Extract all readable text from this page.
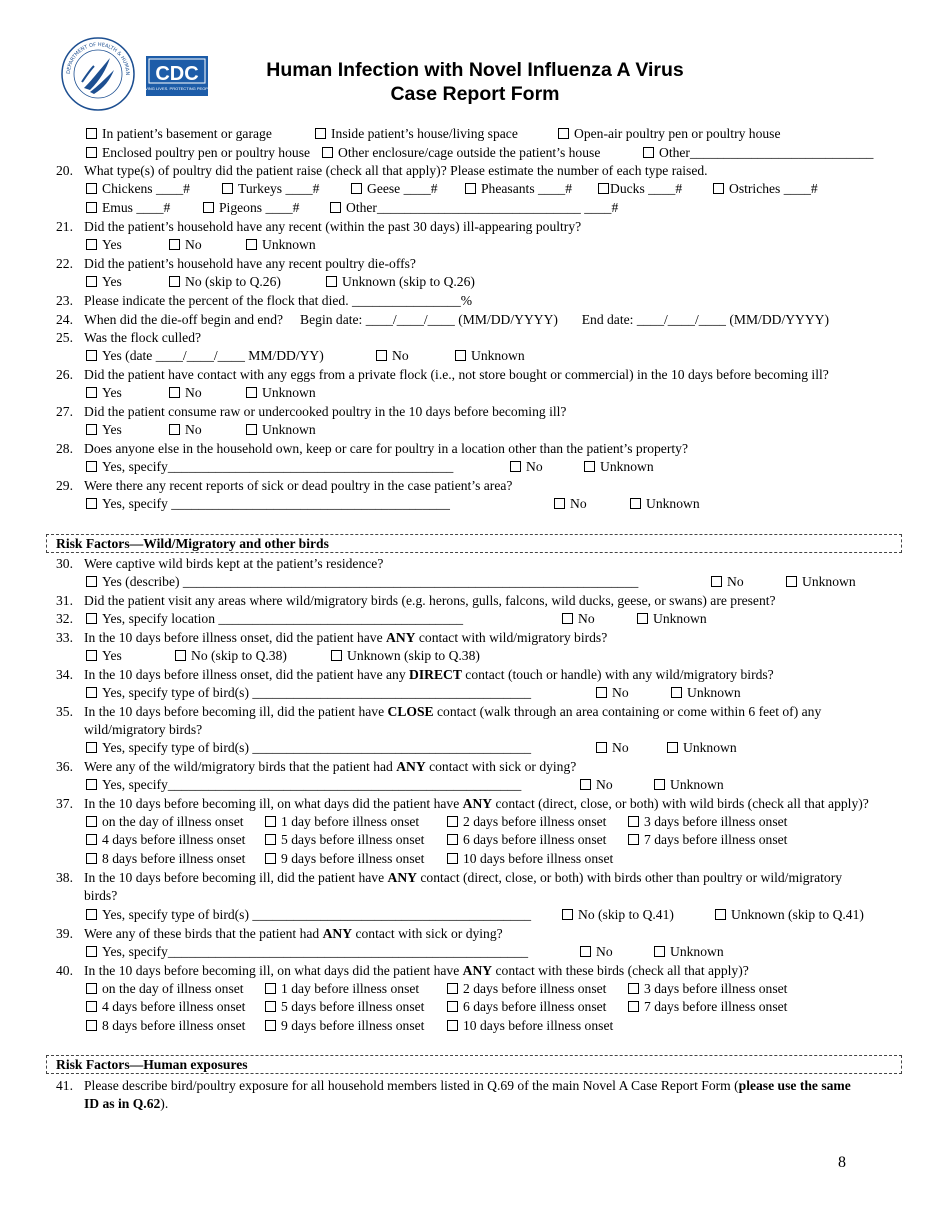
DEPARTMENT OF HEALTH & HUMAN CDC
SAVING LIVES. PROTECTING PEOPLE.
Human Infection with Novel Influenza A Virus
Case Report Form
In patient’s basement or garage	Inside patient’s house/living space	Open-air poultry pen or poultry house
Enclosed poultry pen or poultry house	Other enclosure/cage outside the patient’s house	Other___________________________
20. What type(s) of poultry did the patient raise (check all that apply)? Please estimate the number of each type raised.
Chickens ____#	Turkeys ____#	Geese ____#	Pheasants ____#	Ducks ____#	Ostriches ____#
Emus ____#	Pigeons ____#	Other______________________________ ____#
21. Did the patient’s household have any recent (within the past 30 days) ill-appearing poultry?
Yes	No	Unknown
22. Did the patient’s household have any recent poultry die-offs?
Yes	No (skip to Q.26)	Unknown (skip to Q.26)
23. Please indicate the percent of the flock that died. ________________%
24. When did the die-off begin and end?     Begin date: ____/____/____ (MM/DD/YYYY)       End date: ____/____/____ (MM/DD/YYYY)
25. Was the flock culled?
Yes (date ____/____/____ MM/DD/YY)	No	Unknown
26. Did the patient have contact with any eggs from a private flock (i.e., not store bought or commercial) in the 10 days before becoming ill?
Yes	No	Unknown
27. Did the patient consume raw or undercooked poultry in the 10 days before becoming ill?
Yes	No	Unknown
28. Does anyone else in the household own, keep or care for poultry in a location other than the patient’s property?
Yes, specify__________________________________________	No	Unknown
29. Were there any recent reports of sick or dead poultry in the case patient’s area?
Yes, specify _________________________________________	No	Unknown
Risk Factors—Wild/Migratory and other birds
30. Were captive wild birds kept at the patient’s residence?
Yes (describe) ___________________________________________________________________	No	Unknown
31. Did the patient visit any areas where wild/migratory birds (e.g. herons, gulls, falcons, wild ducks, geese, or swans) are present?
32.	Yes, specify location ____________________________________	No	Unknown
33. In the 10 days before illness onset, did the patient have ANY contact with wild/migratory birds?
Yes	No (skip to Q.38)	Unknown (skip to Q.38)
34. In the 10 days before illness onset, did the patient have any DIRECT contact (touch or handle) with any wild/migratory birds?
Yes, specify type of bird(s) _________________________________________	No	Unknown
35. In the 10 days before becoming ill, did the patient have CLOSE contact (walk through an area containing or come within 6 feet of) any
wild/migratory birds?
Yes, specify type of bird(s) _________________________________________	No	Unknown
36. Were any of the wild/migratory birds that the patient had ANY contact with sick or dying?
Yes, specify____________________________________________________	No	Unknown
37. In the 10 days before becoming ill, on what days did the patient have ANY contact (direct, close, or both) with wild birds (check all that apply)?
on the day of illness onset	1 day before illness onset	2 days before illness onset	3 days before illness onset
4 days before illness onset	5 days before illness onset	6 days before illness onset	7 days before illness onset
8 days before illness onset	9 days before illness onset	10 days before illness onset
38. In the 10 days before becoming ill, did the patient have ANY contact (direct, close, or both) with birds other than poultry or wild/migratory
birds?
Yes, specify type of bird(s) _________________________________________	No (skip to Q.41)	Unknown (skip to Q.41)
39. Were any of these birds that the patient had ANY contact with sick or dying?
Yes, specify_____________________________________________________	No	Unknown
40. In the 10 days before becoming ill, on what days did the patient have ANY contact with these birds (check all that apply)?
on the day of illness onset	1 day before illness onset	2 days before illness onset	3 days before illness onset
4 days before illness onset	5 days before illness onset	6 days before illness onset	7 days before illness onset
8 days before illness onset	9 days before illness onset	10 days before illness onset
Risk Factors—Human exposures
41. Please describe bird/poultry exposure for all household members listed in Q.69 of the main Novel A Case Report Form (please use the same
ID as in Q.62).
8
